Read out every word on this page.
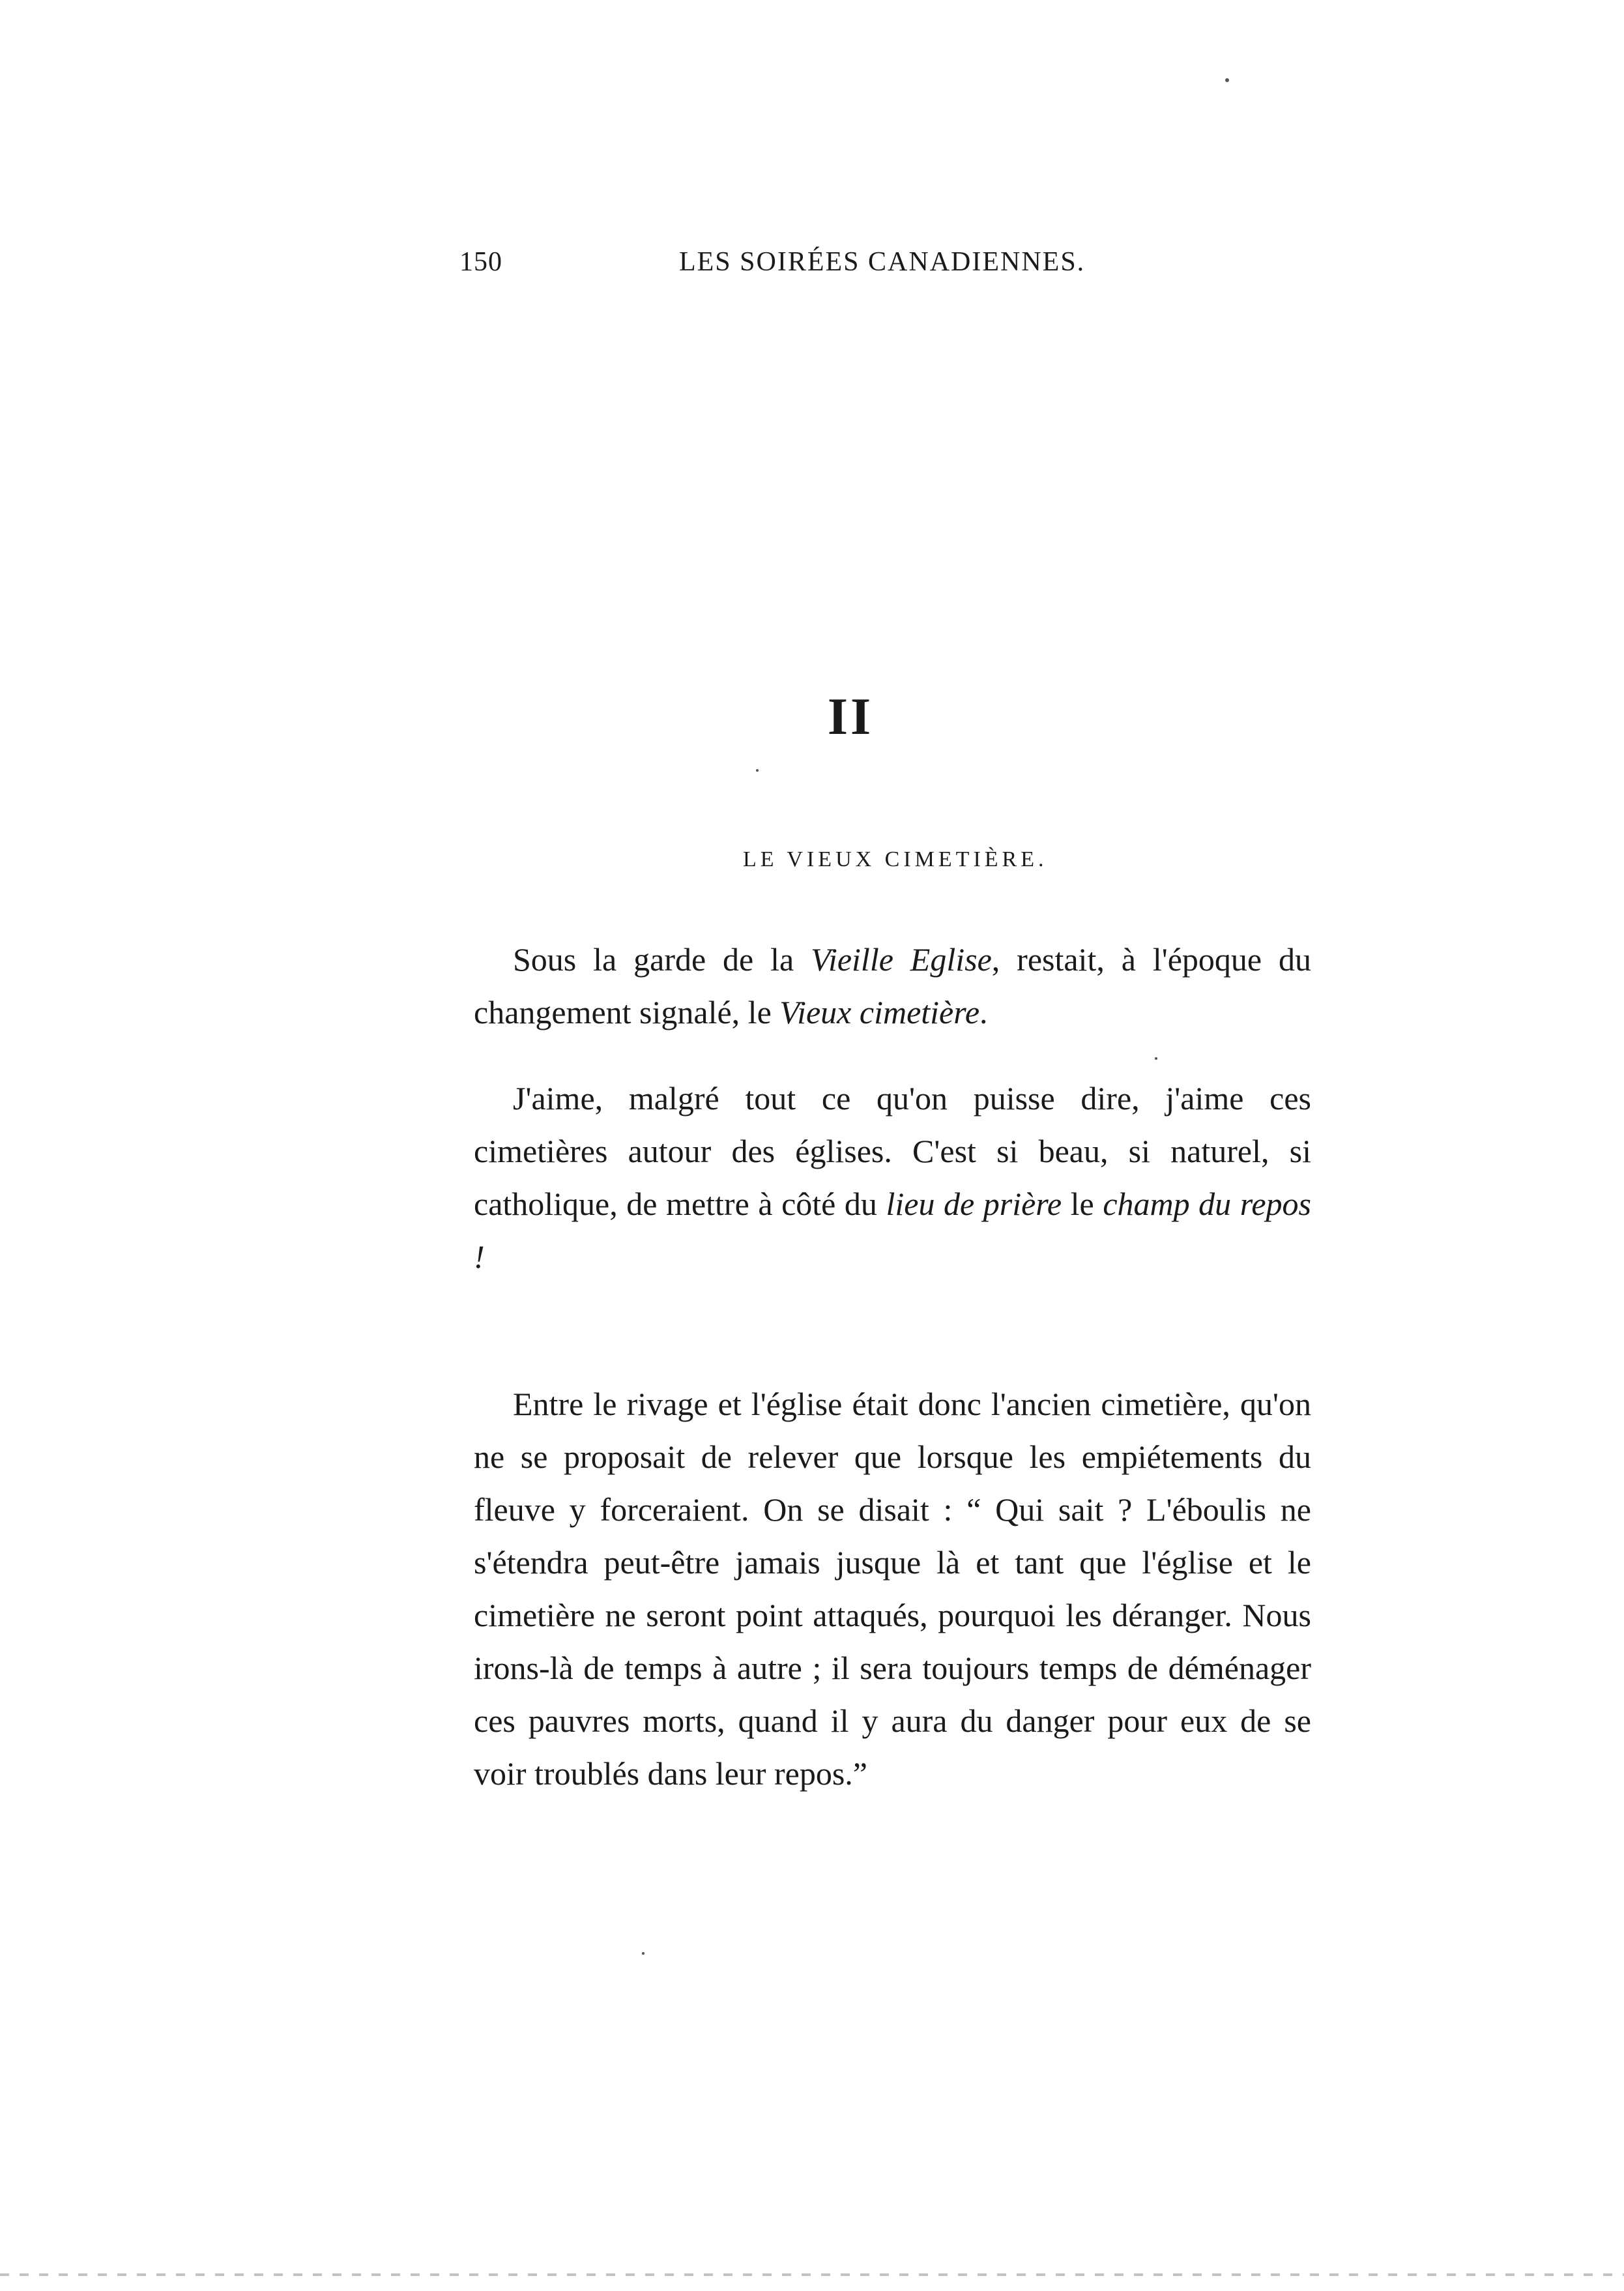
150	LES SOIRÉES CANADIENNES.
II
LE VIEUX CIMETIÈRE.

Sous la garde de la Vieille Eglise, restait, à l'époque du changement signalé, le Vieux cimetière.

J'aime, malgré tout ce qu'on puisse dire, j'aime ces cimetières autour des églises. C'est si beau, si naturel, si catholique, de mettre à côté du lieu de prière le champ du repos !

Entre le rivage et l'église était donc l'ancien cimetière, qu'on ne se proposait de relever que lorsque les empiétements du fleuve y forceraient. On se disait : “ Qui sait ? L'éboulis ne s'étendra peut-être jamais jusque là et tant que l'église et le cimetière ne seront point attaqués, pourquoi les déranger. Nous irons-là de temps à autre ; il sera toujours temps de déménager ces pauvres morts, quand il y aura du danger pour eux de se voir troublés dans leur repos.”
